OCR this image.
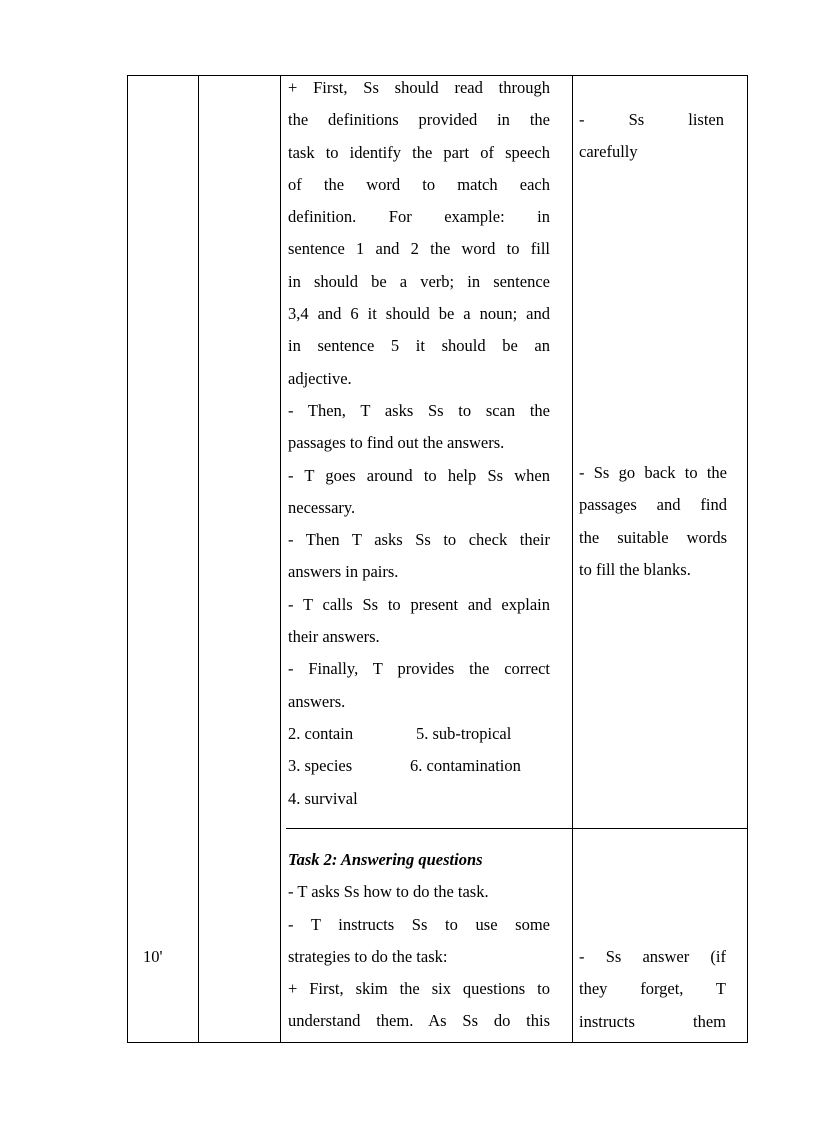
10'
+ First, Ss should read through
the definitions provided in the
task to identify the part of speech
of the word to match each
definition. For example: in
sentence 1 and 2 the word to fill
in should be a verb; in sentence
3,4 and 6 it should be a noun; and
in sentence 5 it should be an
adjective.
- Then, T asks Ss to scan the
passages to find out the answers.
- T goes around to help Ss when
necessary.
- Then T asks Ss to check their
answers in pairs.
- T calls Ss to present and explain
their answers.
- Finally, T provides the correct
answers.
2. contain	5. sub-tropical
3. species	6. contamination
4. survival
Task 2: Answering questions
- T asks Ss how to do the task.
- T instructs Ss to use some
strategies to do the task:
+ First, skim the six questions to
understand them. As Ss do this
- Ss listen
carefully
- Ss go back to the
passages and find
the suitable words
to fill the blanks.
- Ss answer (if
they forget, T
instructs them
